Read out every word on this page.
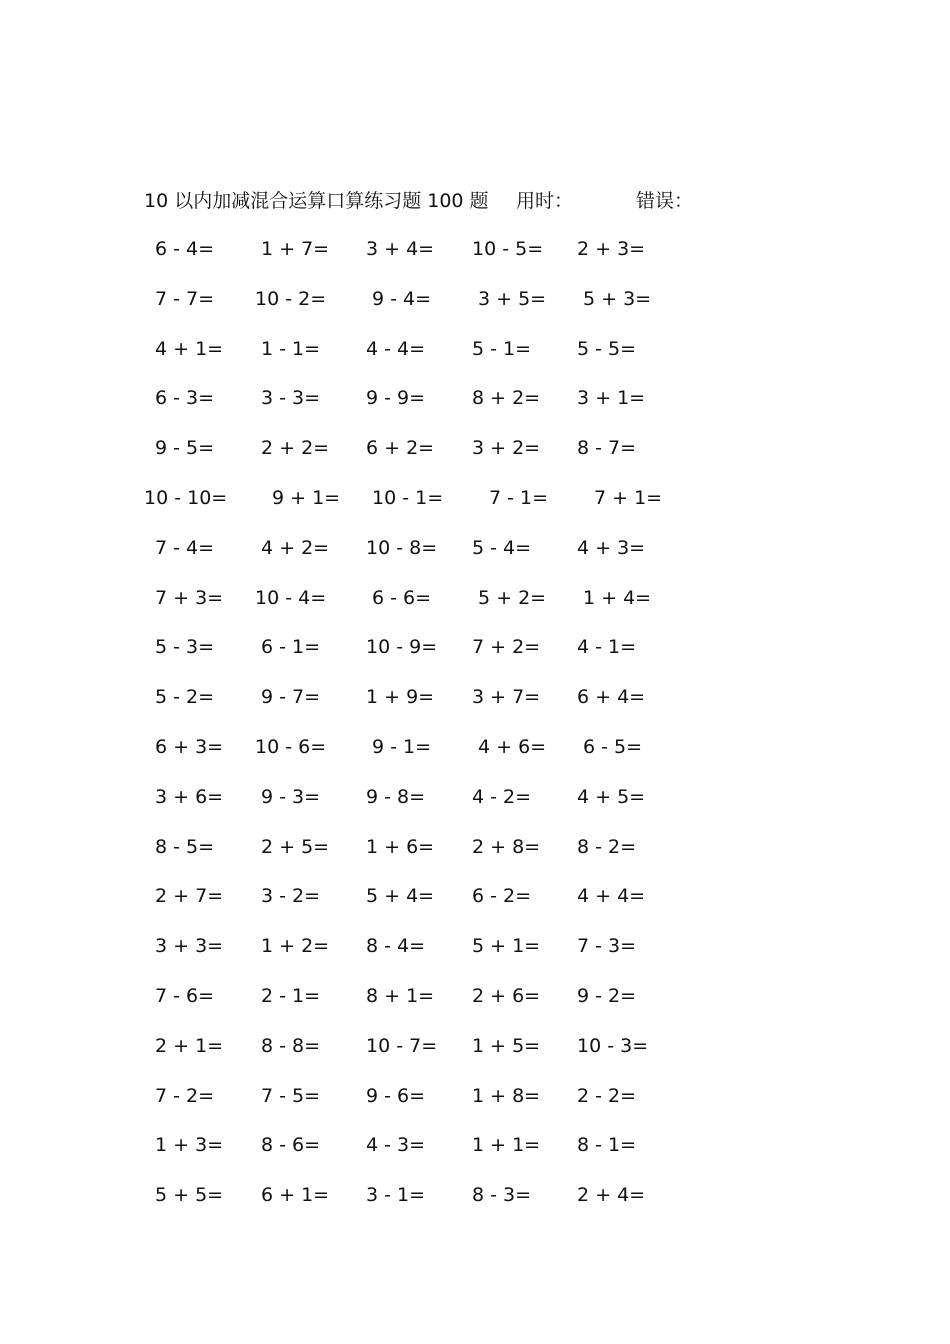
10 以内加减混合运算口算练习题 100 题 用时：	错误：
6 - 4= 1 + 7= 3 + 4= 10 - 5= 2 + 3=
7 - 7= 10 - 2= 9 - 4= 3 + 5= 5 + 3=
4 + 1= 1 - 1= 4 - 4= 5 - 1= 5 - 5=
6 - 3= 3 - 3= 9 - 9= 8 + 2= 3 + 1=
9 - 5= 2 + 2= 6 + 2= 3 + 2= 8 - 7=
10 - 10= 9 + 1= 10 - 1= 7 - 1= 7 + 1=
7 - 4= 4 + 2= 10 - 8= 5 - 4= 4 + 3=
7 + 3= 10 - 4= 6 - 6= 5 + 2= 1 + 4=
5 - 3= 6 - 1= 10 - 9= 7 + 2= 4 - 1=
5 - 2= 9 - 7= 1 + 9= 3 + 7= 6 + 4=
6 + 3= 10 - 6= 9 - 1= 4 + 6= 6 - 5=
3 + 6= 9 - 3= 9 - 8= 4 - 2= 4 + 5=
8 - 5= 2 + 5= 1 + 6= 2 + 8= 8 - 2=
2 + 7= 3 - 2= 5 + 4= 6 - 2= 4 + 4=
3 + 3= 1 + 2= 8 - 4= 5 + 1= 7 - 3=
7 - 6= 2 - 1= 8 + 1= 2 + 6= 9 - 2=
2 + 1= 8 - 8= 10 - 7= 1 + 5= 10 - 3=
7 - 2= 7 - 5= 9 - 6= 1 + 8= 2 - 2=
1 + 3= 8 - 6= 4 - 3= 1 + 1= 8 - 1=
5 + 5= 6 + 1= 3 - 1= 8 - 3= 2 + 4=
